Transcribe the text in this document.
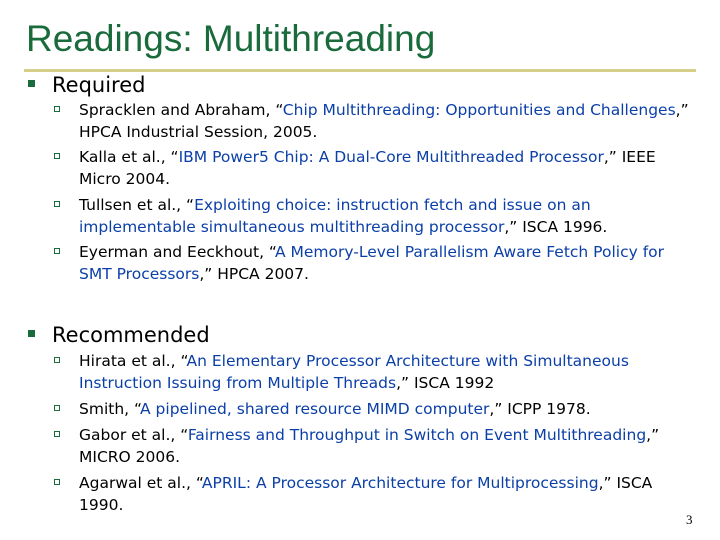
Readings: Multithreading
Required
Spracklen and Abraham, “Chip Multithreading: Opportunities and Challenges,” HPCA Industrial Session, 2005.
Kalla et al., “IBM Power5 Chip: A Dual-Core Multithreaded Processor,” IEEE Micro 2004.
Tullsen et al., “Exploiting choice: instruction fetch and issue on an implementable simultaneous multithreading processor,” ISCA 1996.
Eyerman and Eeckhout, “A Memory-Level Parallelism Aware Fetch Policy for SMT Processors,” HPCA 2007.
Recommended
Hirata et al., “An Elementary Processor Architecture with Simultaneous Instruction Issuing from Multiple Threads,” ISCA 1992
Smith, “A pipelined, shared resource MIMD computer,” ICPP 1978.
Gabor et al., “Fairness and Throughput in Switch on Event Multithreading,” MICRO 2006.
Agarwal et al., “APRIL: A Processor Architecture for Multiprocessing,” ISCA 1990.
3
